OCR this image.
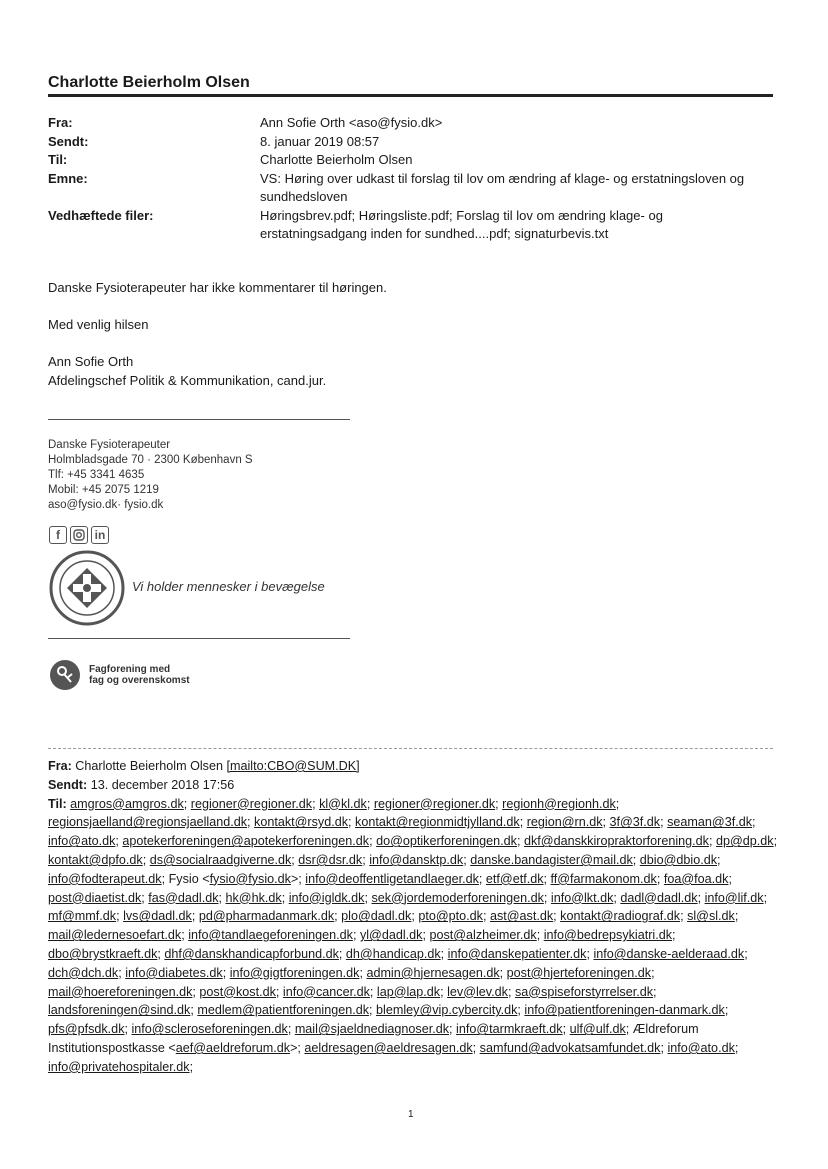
Charlotte Beierholm Olsen
Fra:	Ann Sofie Orth <aso@fysio.dk>
Sendt:	8. januar 2019 08:57
Til:	Charlotte Beierholm Olsen
Emne:	VS: Høring over udkast til forslag til lov om ændring af klage- og erstatningsloven og sundhedsloven
Vedhæftede filer:	Høringsbrev.pdf; Høringsliste.pdf; Forslag til lov om ændring klage- og erstatningsadgang inden for sundhed....pdf; signaturbevis.txt
Danske Fysioterapeuter har ikke kommentarer til høringen.
Med venlig hilsen
Ann Sofie Orth
Afdelingschef Politik & Kommunikation, cand.jur.
Danske Fysioterapeuter
Holmbladsgade 70 · 2300 København S
Tlf: +45 3341 4635
Mobil: +45 2075 1219
aso@fysio.dk· fysio.dk
f	in
Vi holder mennesker i bevægelse
Fagforening med
fag og overenskomst
Fra: Charlotte Beierholm Olsen [mailto:CBO@SUM.DK]
Sendt: 13. december 2018 17:56
Til: amgros@amgros.dk; regioner@regioner.dk; kl@kl.dk; regioner@regioner.dk; regionh@regionh.dk; regionsjaelland@regionsjaelland.dk; kontakt@rsyd.dk; kontakt@regionmidtjylland.dk; region@rn.dk; 3f@3f.dk; seaman@3f.dk; info@ato.dk; apotekerforeningen@apotekerforeningen.dk; do@optikerforeningen.dk; dkf@danskkiropraktorforening.dk; dp@dp.dk; kontakt@dpfo.dk; ds@socialraadgiverne.dk; dsr@dsr.dk; info@dansktp.dk; danske.bandagister@mail.dk; dbio@dbio.dk; info@fodterapeut.dk; Fysio <fysio@fysio.dk>; info@deoffentligetandlaeger.dk; etf@etf.dk; ff@farmakonom.dk; foa@foa.dk; post@diaetist.dk; fas@dadl.dk; hk@hk.dk; info@igldk.dk; sek@jordemoderforeningen.dk; info@lkt.dk; dadl@dadl.dk; info@lif.dk; mf@mmf.dk; lvs@dadl.dk; pd@pharmadanmark.dk; plo@dadl.dk; pto@pto.dk; ast@ast.dk; kontakt@radiograf.dk; sl@sl.dk; mail@ledernesoefart.dk; info@tandlaegeforeningen.dk; yl@dadl.dk; post@alzheimer.dk; info@bedrepsykiatri.dk; dbo@brystkraeft.dk; dhf@danskhandicapforbund.dk; dh@handicap.dk; info@danskepatienter.dk; info@danske-aelderaad.dk; dch@dch.dk; info@diabetes.dk; info@gigtforeningen.dk; admin@hjernesagen.dk; post@hjerteforeningen.dk; mail@hoereforeningen.dk; post@kost.dk; info@cancer.dk; lap@lap.dk; lev@lev.dk; sa@spiseforstyrrelser.dk; landsforeningen@sind.dk; medlem@patientforeningen.dk; blemley@vip.cybercity.dk; info@patientforeningen-danmark.dk; pfs@pfsdk.dk; info@scleroseforeningen.dk; mail@sjaeldnediagnoser.dk; info@tarmkraeft.dk; ulf@ulf.dk; Ældreforum Institutionspostkasse <aef@aeldreforum.dk>; aeldresagen@aeldresagen.dk; samfund@advokatsamfundet.dk; info@ato.dk; info@privatehospitaler.dk;
1
